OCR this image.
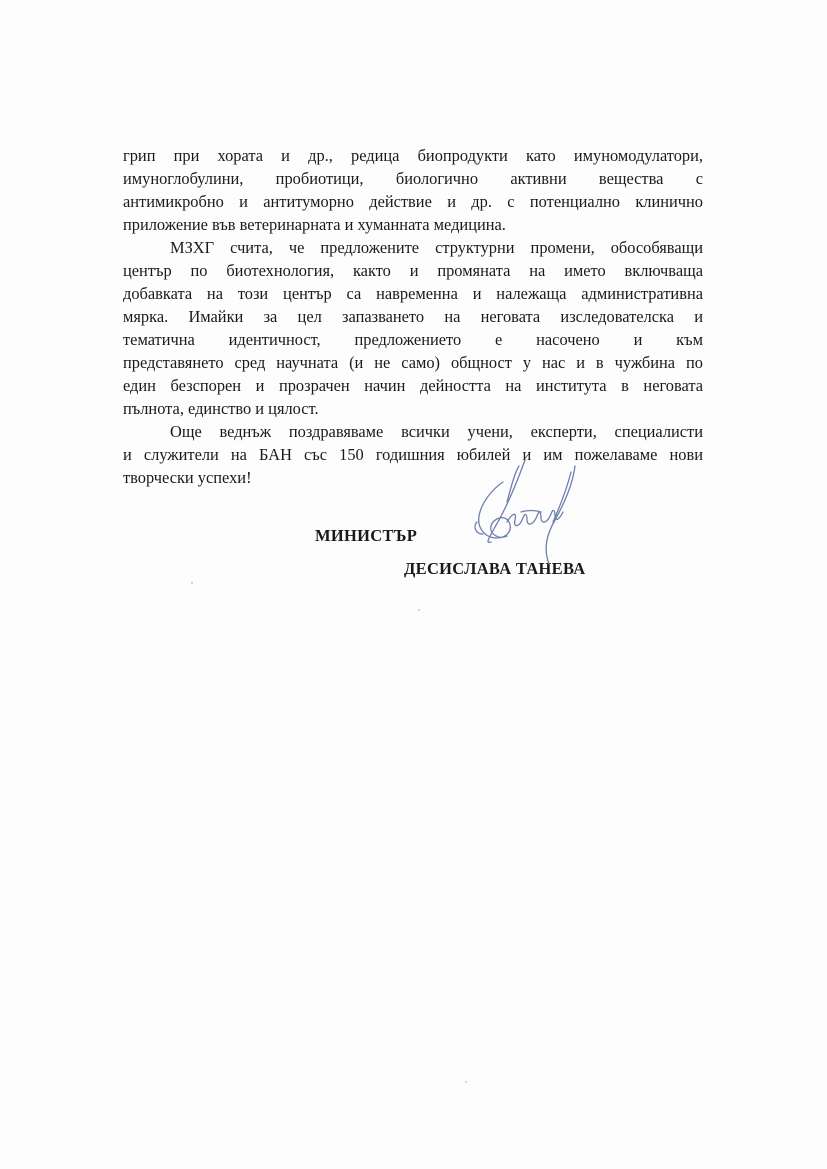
грип при хората и др., редица биопродукти като имуномодулатори,
имуноглобулини, пробиотици, биологично активни вещества с
антимикробно и антитуморно действие и др. с потенциално клинично
приложение във ветеринарната и хуманната медицина.
МЗХГ счита, че предложените структурни промени, обособяващи
център по биотехнология, както и промяната на името включваща
добавката на този център са навременна и належаща административна
мярка. Имайки за цел запазването на неговата изследователска и
тематична идентичност, предложението е насочено и към
представянето сред научната (и не само) общност у нас и в чужбина по
един безспорен и прозрачен начин дейността на института в неговата
пълнота, единство и цялост.
Още веднъж поздравяваме всички учени, експерти, специалисти
и служители на БАН със 150 годишния юбилей и им пожелаваме нови
творчески успехи!
МИНИСТЪР
ДЕСИСЛАВА ТАНЕВА
